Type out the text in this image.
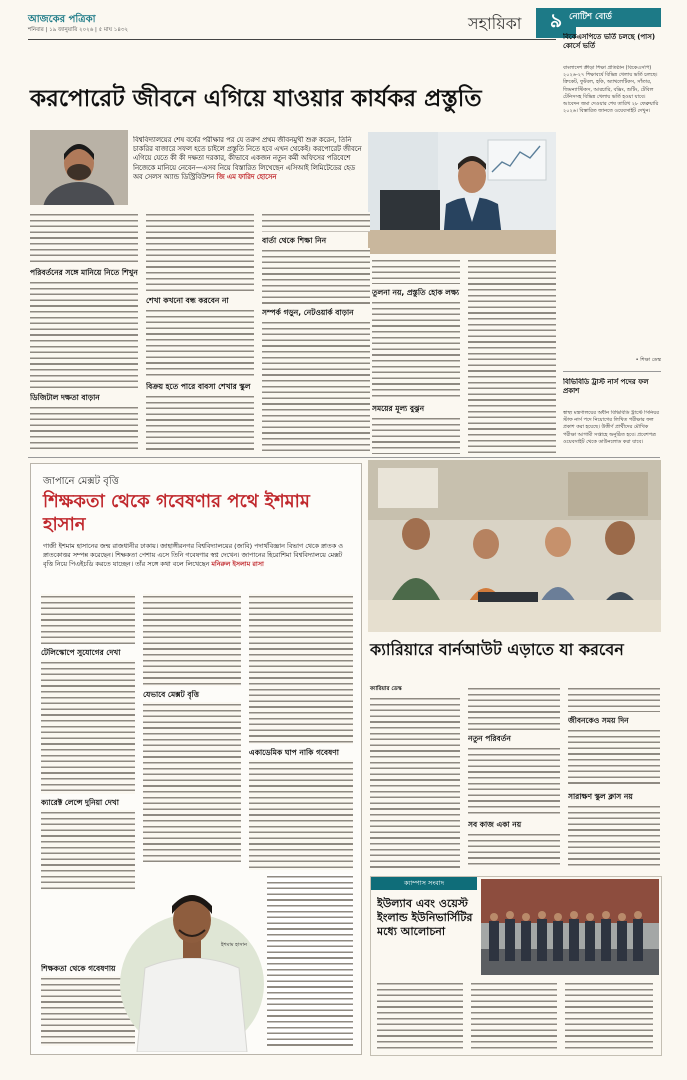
আজকের পত্রিকা
শনিবার | ১৯ জানুয়ারি ২০২৬ | ৫ মাঘ ১৪৩২	সহায়িকা ৯ নোটিশ বোর্ড
বিকেএসপিতে ভর্তি চলছে (পাস) কোর্সে ভর্তি
বাংলাদেশ ক্রীড়া শিক্ষা প্রতিষ্ঠান (বিকেএসপি) ২০২৬-২৭ শিক্ষাবর্ষে বিভিন্ন খেলায় ভর্তি চলছে। ক্রিকেট, ফুটবল, হকি, অ্যাথলেটিকস, সাঁতার, জিমন্যাস্টিকস, আরচারি, বক্সিং, শুটিং, টেবিল টেনিসসহ বিভিন্ন খেলায় ভর্তি হওয়া যাবে। আবেদন জমা দেওয়ার শেষ তারিখ ২৮ ফেব্রুয়ারি ২০২৬। বিস্তারিত জানতে ওয়েবসাইট দেখুন।
• শিক্ষা ডেস্ক
বিভিবিডি ট্রাস্ট নার্স পদের ফল প্রকাশ
স্বাস্থ্য মন্ত্রণালয়ের অধীন বিভিবিডি ট্রাস্টে সিনিয়র স্টাফ নার্স পদে নিয়োগের লিখিত পরীক্ষার ফল প্রকাশ করা হয়েছে। উত্তীর্ণ প্রার্থীদের মৌখিক পরীক্ষা আগামী সপ্তাহে অনুষ্ঠিত হবে। প্রবেশপত্র ওয়েবসাইট থেকে ডাউনলোড করা যাবে।
করপোরেট জীবনে এগিয়ে যাওয়ার কার্যকর প্রস্তুতি
বিশ্ববিদ্যালয়ের শেষ বর্ষের পরীক্ষার পর যে তরুণ প্রথম জীবনমুখী শুরু করেন, তিনি চাকরির বাজারে সফল হতে চাইলে প্রস্তুতি নিতে হবে এখন থেকেই। করপোরেট জীবনে এগিয়ে যেতে কী কী দক্ষতা দরকার, কীভাবে একজন নতুন কর্মী অফিসের পরিবেশে নিজেকে মানিয়ে নেবেন—এসব নিয়ে বিস্তারিত লিখেছেন এসিআই লিমিটেডের হেড অব সেলস অ্যান্ড ডিস্ট্রিবিউশন জি এম ফারিদ হোসেন
পরিবর্তনের সঙ্গে মানিয়ে নিতে শিখুন
ডিজিটাল দক্ষতা বাড়ান
শেখা কখনো বন্ধ করবেন না
বিক্রয় হতে পারে বাবসা শেখার স্কুল
বার্তা থেকে শিক্ষা নিন
সম্পর্ক গড়ুন, নেটওয়ার্ক বাড়ান
তুলনা নয়, প্রস্তুতি হোক লক্ষ্য
সময়ের মূল্য বুঝুন
জাপানে মেক্সট বৃত্তি
শিক্ষকতা থেকে গবেষণার পথে ইশমাম হাসান
গাজী ইশমাম হাসানের জন্ম রাজধানীর ঢাকায়। জাহাঙ্গীরনগর বিশ্ববিদ্যালয়ের (জাবি) পদার্থবিজ্ঞান বিভাগ থেকে স্নাতক ও স্নাতকোত্তর সম্পন্ন করেছেন। শিক্ষকতা পেশায় এসে তিনি গবেষণার স্বপ্ন দেখেন। জাপানের হিরোশিমা বিশ্ববিদ্যালয়ে মেক্সট বৃত্তি নিয়ে পিএইচডি করতে যাচ্ছেন। তাঁর সঙ্গে কথা বলে লিখেছেন মনিরুল ইসলাম রাসা
টেলিস্কোপে সুযোগের দেখা
ক্যারেক্ট লেন্সে দুনিয়া দেখা
শিক্ষকতা থেকে গবেষণায়
যেভাবে মেক্সট বৃত্তি
একাডেমিক ঘাপ নাকি গবেষণা
ইশমাম হাসান
ক্যারিয়ারে বার্নআউট এড়াতে যা করবেন
ক্যারিয়ার ডেস্ক
নতুন পরিবর্তন
সব কাজ একা নয়
জীবনকেও সময় দিন
সারাক্ষণ স্কুল ক্লাস নয়
ক্যাম্পাস সংবাদ
ইউল্যাব এবং ওয়েস্ট ইংলান্ড ইউনিভার্সিটির মধ্যে আলোচনা
